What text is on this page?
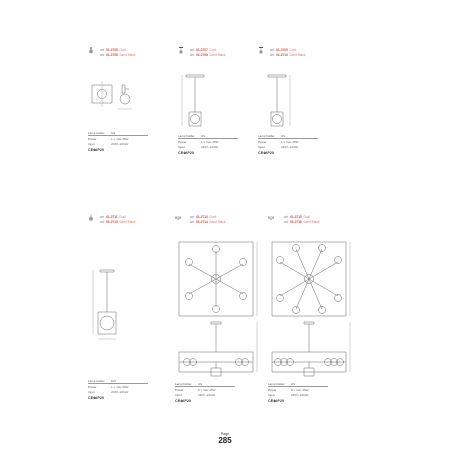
art. 01-2705 Gold
art. 01-2706 Sand Black
Lamp holder	G9
Power	1 x max 25W
Input	220V~240Hz
CE⊛IP20
art. 01-2707 Gold
art. 01-2708 Sand Black
Lamp holder	G9
Power	1 x max 25W
Input	220V~240Hz
CE⊛IP20
art. 01-2709 Gold
art. 01-2710 Sand Black
Lamp holder	G9
Power	1 x max 25W
Input	220V~240Hz
CE⊛IP20
art. 01-2711 Gold
art. 01-2712 Sand Black
Lamp holder	E27
Power	1 x max 60W
Input	220V~240Hz
CE⊛IP20
art. 01-2713 Gold
art. 01-2714 Sand Black
Lamp holder	G9
Power	6 x max 25W
Input	220V~240Hz
CE⊛IP20
art. 01-2715 Gold
art. 01-2716 Sand Black
Lamp holder	G9
Power	8 x max 25W
Input	220V~240Hz
CE⊛IP20
Page
285
